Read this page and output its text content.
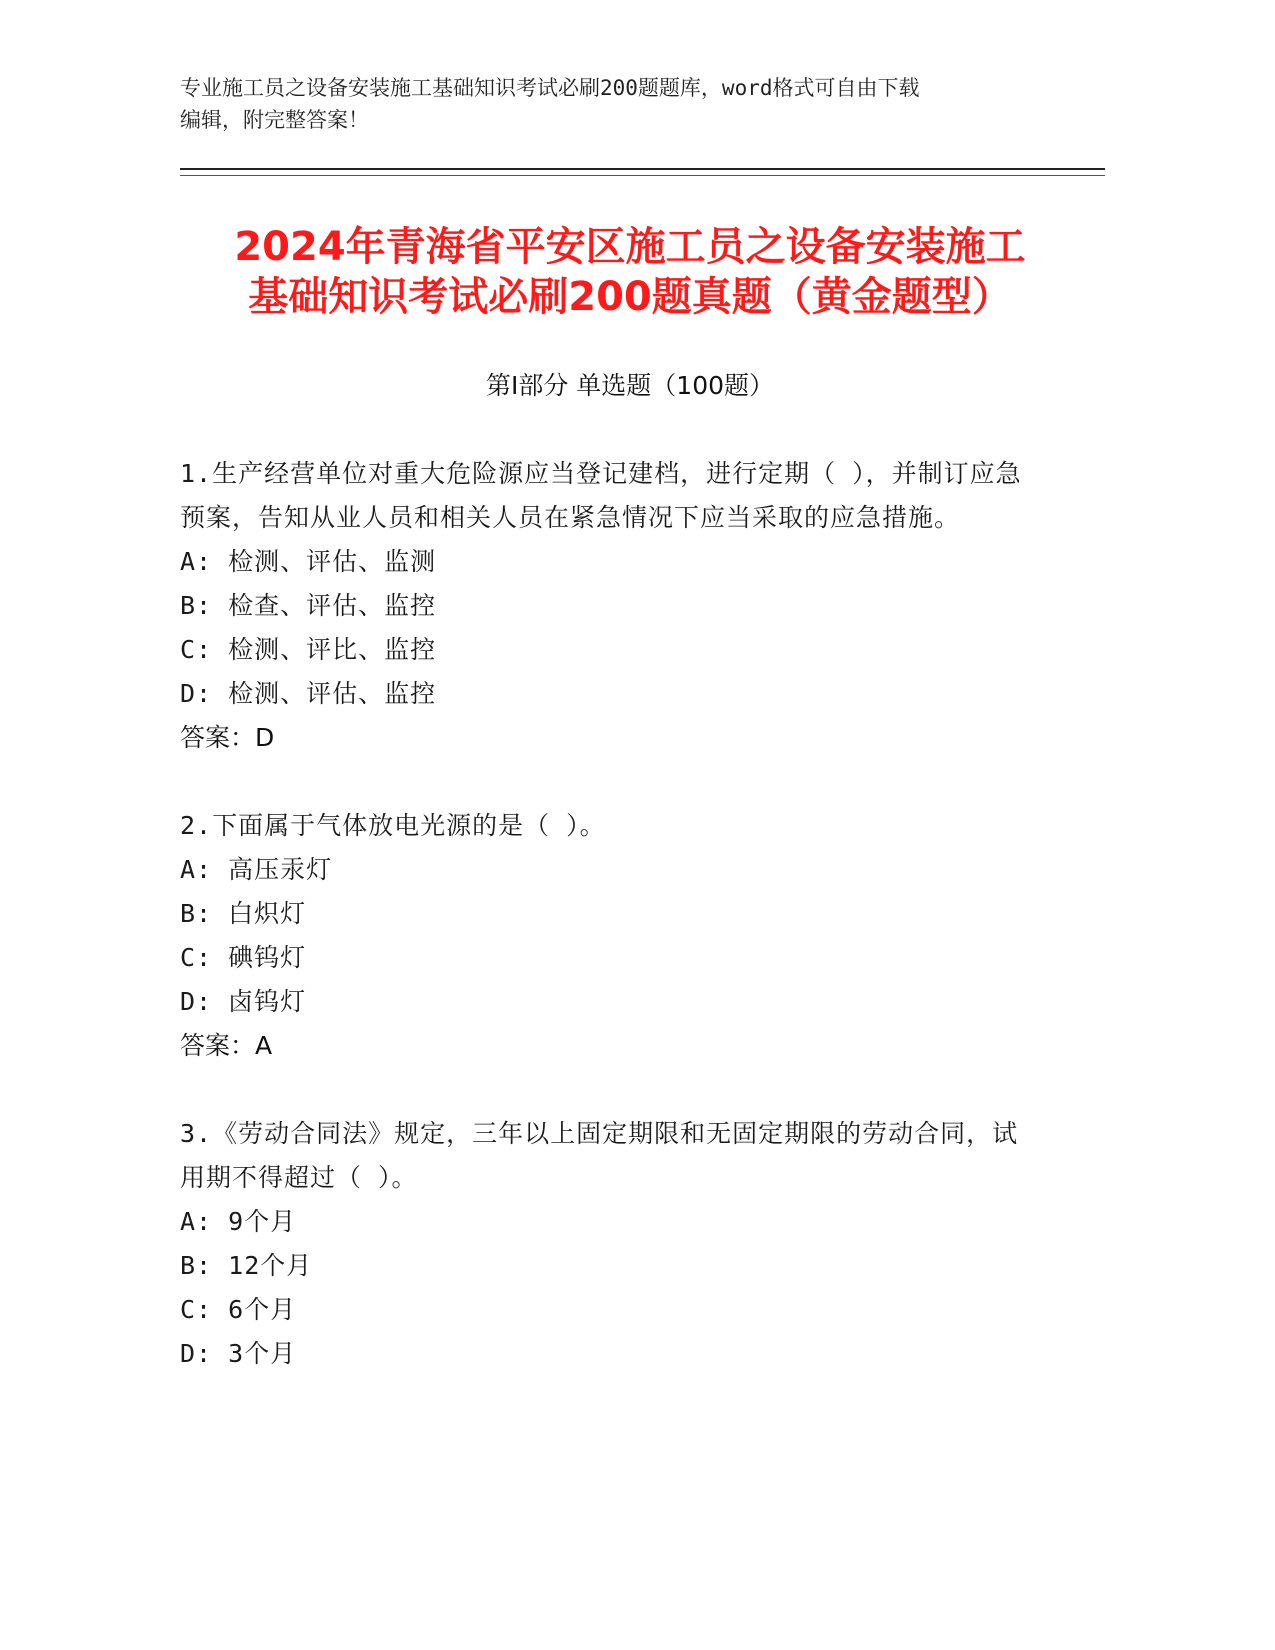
专业施工员之设备安装施工基础知识考试必刷200题题库，word格式可自由下载
编辑，附完整答案！
2024年青海省平安区施工员之设备安装施工
基础知识考试必刷200题真题（黄金题型）
第Ⅰ部分 单选题（100题）
1.生产经营单位对重大危险源应当登记建档，进行定期（ ），并制订应急预案，告知从业人员和相关人员在紧急情况下应当采取的应急措施。
A: 检测、评估、监测
B: 检查、评估、监控
C: 检测、评比、监控
D: 检测、评估、监控
答案：D
2.下面属于气体放电光源的是（ ）。
A: 高压汞灯
B: 白炽灯
C: 碘钨灯
D: 卤钨灯
答案：A
3.《劳动合同法》规定，三年以上固定期限和无固定期限的劳动合同，试用期不得超过（ ）。
A: 9个月
B: 12个月
C: 6个月
D: 3个月
